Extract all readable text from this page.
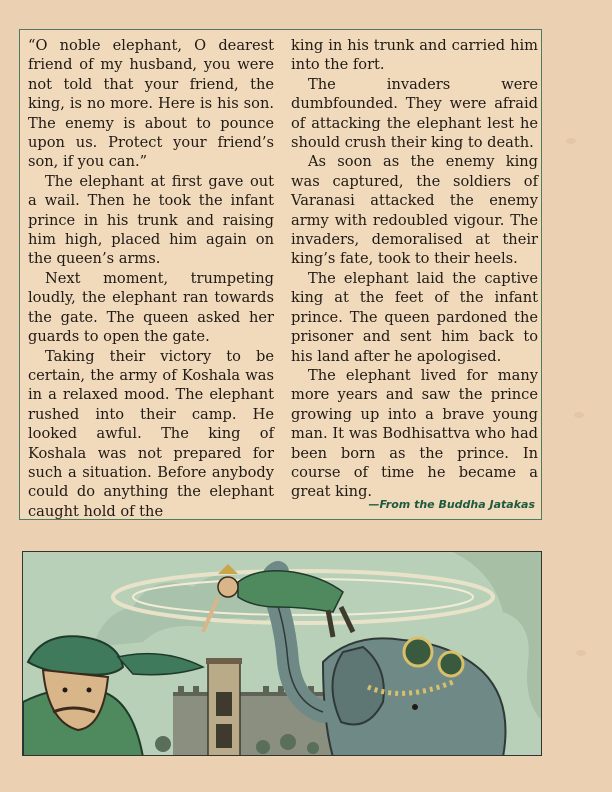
“O noble elephant, O dearest friend of my husband, you were not told that your friend, the king, is no more. Here is his son. The enemy is about to pounce upon us. Protect your friend’s son, if you can.”

The elephant at first gave out a wail. Then he took the infant prince in his trunk and raising him high, placed him again on the queen’s arms.

Next moment, trumpeting loudly, the elephant ran towards the gate. The queen asked her guards to open the gate.

Taking their victory to be certain, the army of Koshala was in a relaxed mood. The elephant rushed into their camp. He looked awful. The king of Koshala was not prepared for such a situation. Before anybody could do anything the elephant caught hold of the

king in his trunk and carried him into the fort.

The invaders were dumbfounded. They were afraid of attacking the elephant lest he should crush their king to death.

As soon as the enemy king was captured, the soldiers of Varanasi attacked the enemy army with redoubled vigour. The invaders, demoralised at their king’s fate, took to their heels.

The elephant laid the captive king at the feet of the infant prince. The queen pardoned the prisoner and sent him back to his land after he apologised.

The elephant lived for many more years and saw the prince growing up into a brave young man. It was Bodhisattva who had been born as the prince. In course of time he became a great king.

—From the Buddha Jatakas
